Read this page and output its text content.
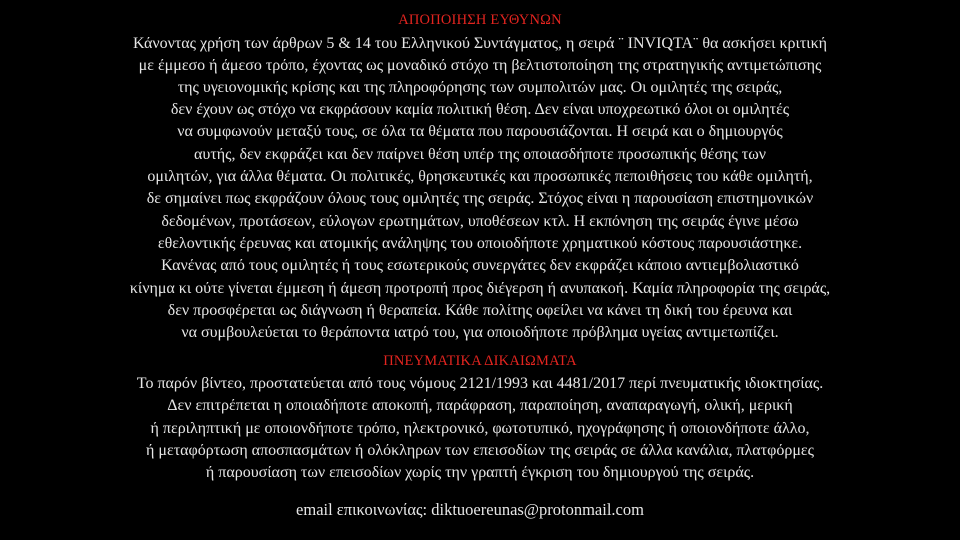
ΑΠΟΠΟΙΗΣΗ ΕΥΘΥΝΩΝ
Κάνοντας χρήση των άρθρων 5 & 14 του Ελληνικού Συντάγματος, η σειρά ¨ INVIQTA¨ θα ασκήσει κριτική
με έμμεσο ή άμεσο τρόπο, έχοντας ως μοναδικό στόχο τη βελτιστοποίηση της στρατηγικής αντιμετώπισης
της υγειονομικής κρίσης και της πληροφόρησης των συμπολιτών μας. Οι ομιλητές της σειράς,
δεν έχουν ως στόχο να εκφράσουν καμία πολιτική θέση. Δεν είναι υποχρεωτικό όλοι οι ομιλητές
να συμφωνούν μεταξύ τους, σε όλα τα θέματα που παρουσιάζονται. Η σειρά και ο δημιουργός
αυτής, δεν εκφράζει και δεν παίρνει θέση υπέρ της οποιασδήποτε προσωπικής θέσης των
ομιλητών, για άλλα θέματα. Οι πολιτικές, θρησκευτικές και προσωπικές πεποιθήσεις του κάθε ομιλητή,
δε σημαίνει πως εκφράζουν όλους τους ομιλητές της σειράς. Στόχος είναι η παρουσίαση επιστημονικών
δεδομένων, προτάσεων, εύλογων ερωτημάτων, υποθέσεων κτλ. Η εκπόνηση της σειράς έγινε μέσω
εθελοντικής έρευνας και ατομικής ανάληψης του οποιοδήποτε χρηματικού κόστους παρουσιάστηκε.
Κανένας από τους ομιλητές ή τους εσωτερικούς συνεργάτες δεν εκφράζει κάποιο αντιεμβολιαστικό
κίνημα κι ούτε γίνεται έμμεση ή άμεση προτροπή προς διέγερση ή ανυπακοή. Καμία πληροφορία της σειράς,
δεν προσφέρεται ως διάγνωση ή θεραπεία. Κάθε πολίτης οφείλει να κάνει τη δική του έρευνα και
να συμβουλεύεται το θεράποντα ιατρό του, για οποιοδήποτε πρόβλημα υγείας αντιμετωπίζει.
ΠΝΕΥΜΑΤΙΚΑ ΔΙΚΑΙΩΜΑΤΑ
Το παρόν βίντεο, προστατεύεται από τους νόμους 2121/1993 και 4481/2017 περί πνευματικής ιδιοκτησίας.
Δεν επιτρέπεται η οποιαδήποτε αποκοπή, παράφραση, παραποίηση, αναπαραγωγή, ολική, μερική
ή περιληπτική με οποιονδήποτε τρόπο, ηλεκτρονικό, φωτοτυπικό, ηχογράφησης ή οποιονδήποτε άλλο,
ή μεταφόρτωση αποσπασμάτων ή ολόκληρων των επεισοδίων της σειράς σε άλλα κανάλια, πλατφόρμες
ή παρουσίαση των επεισοδίων χωρίς την γραπτή έγκριση του δημιουργού της σειράς.
email επικοινωνίας: diktuoereunas@protonmail.com
